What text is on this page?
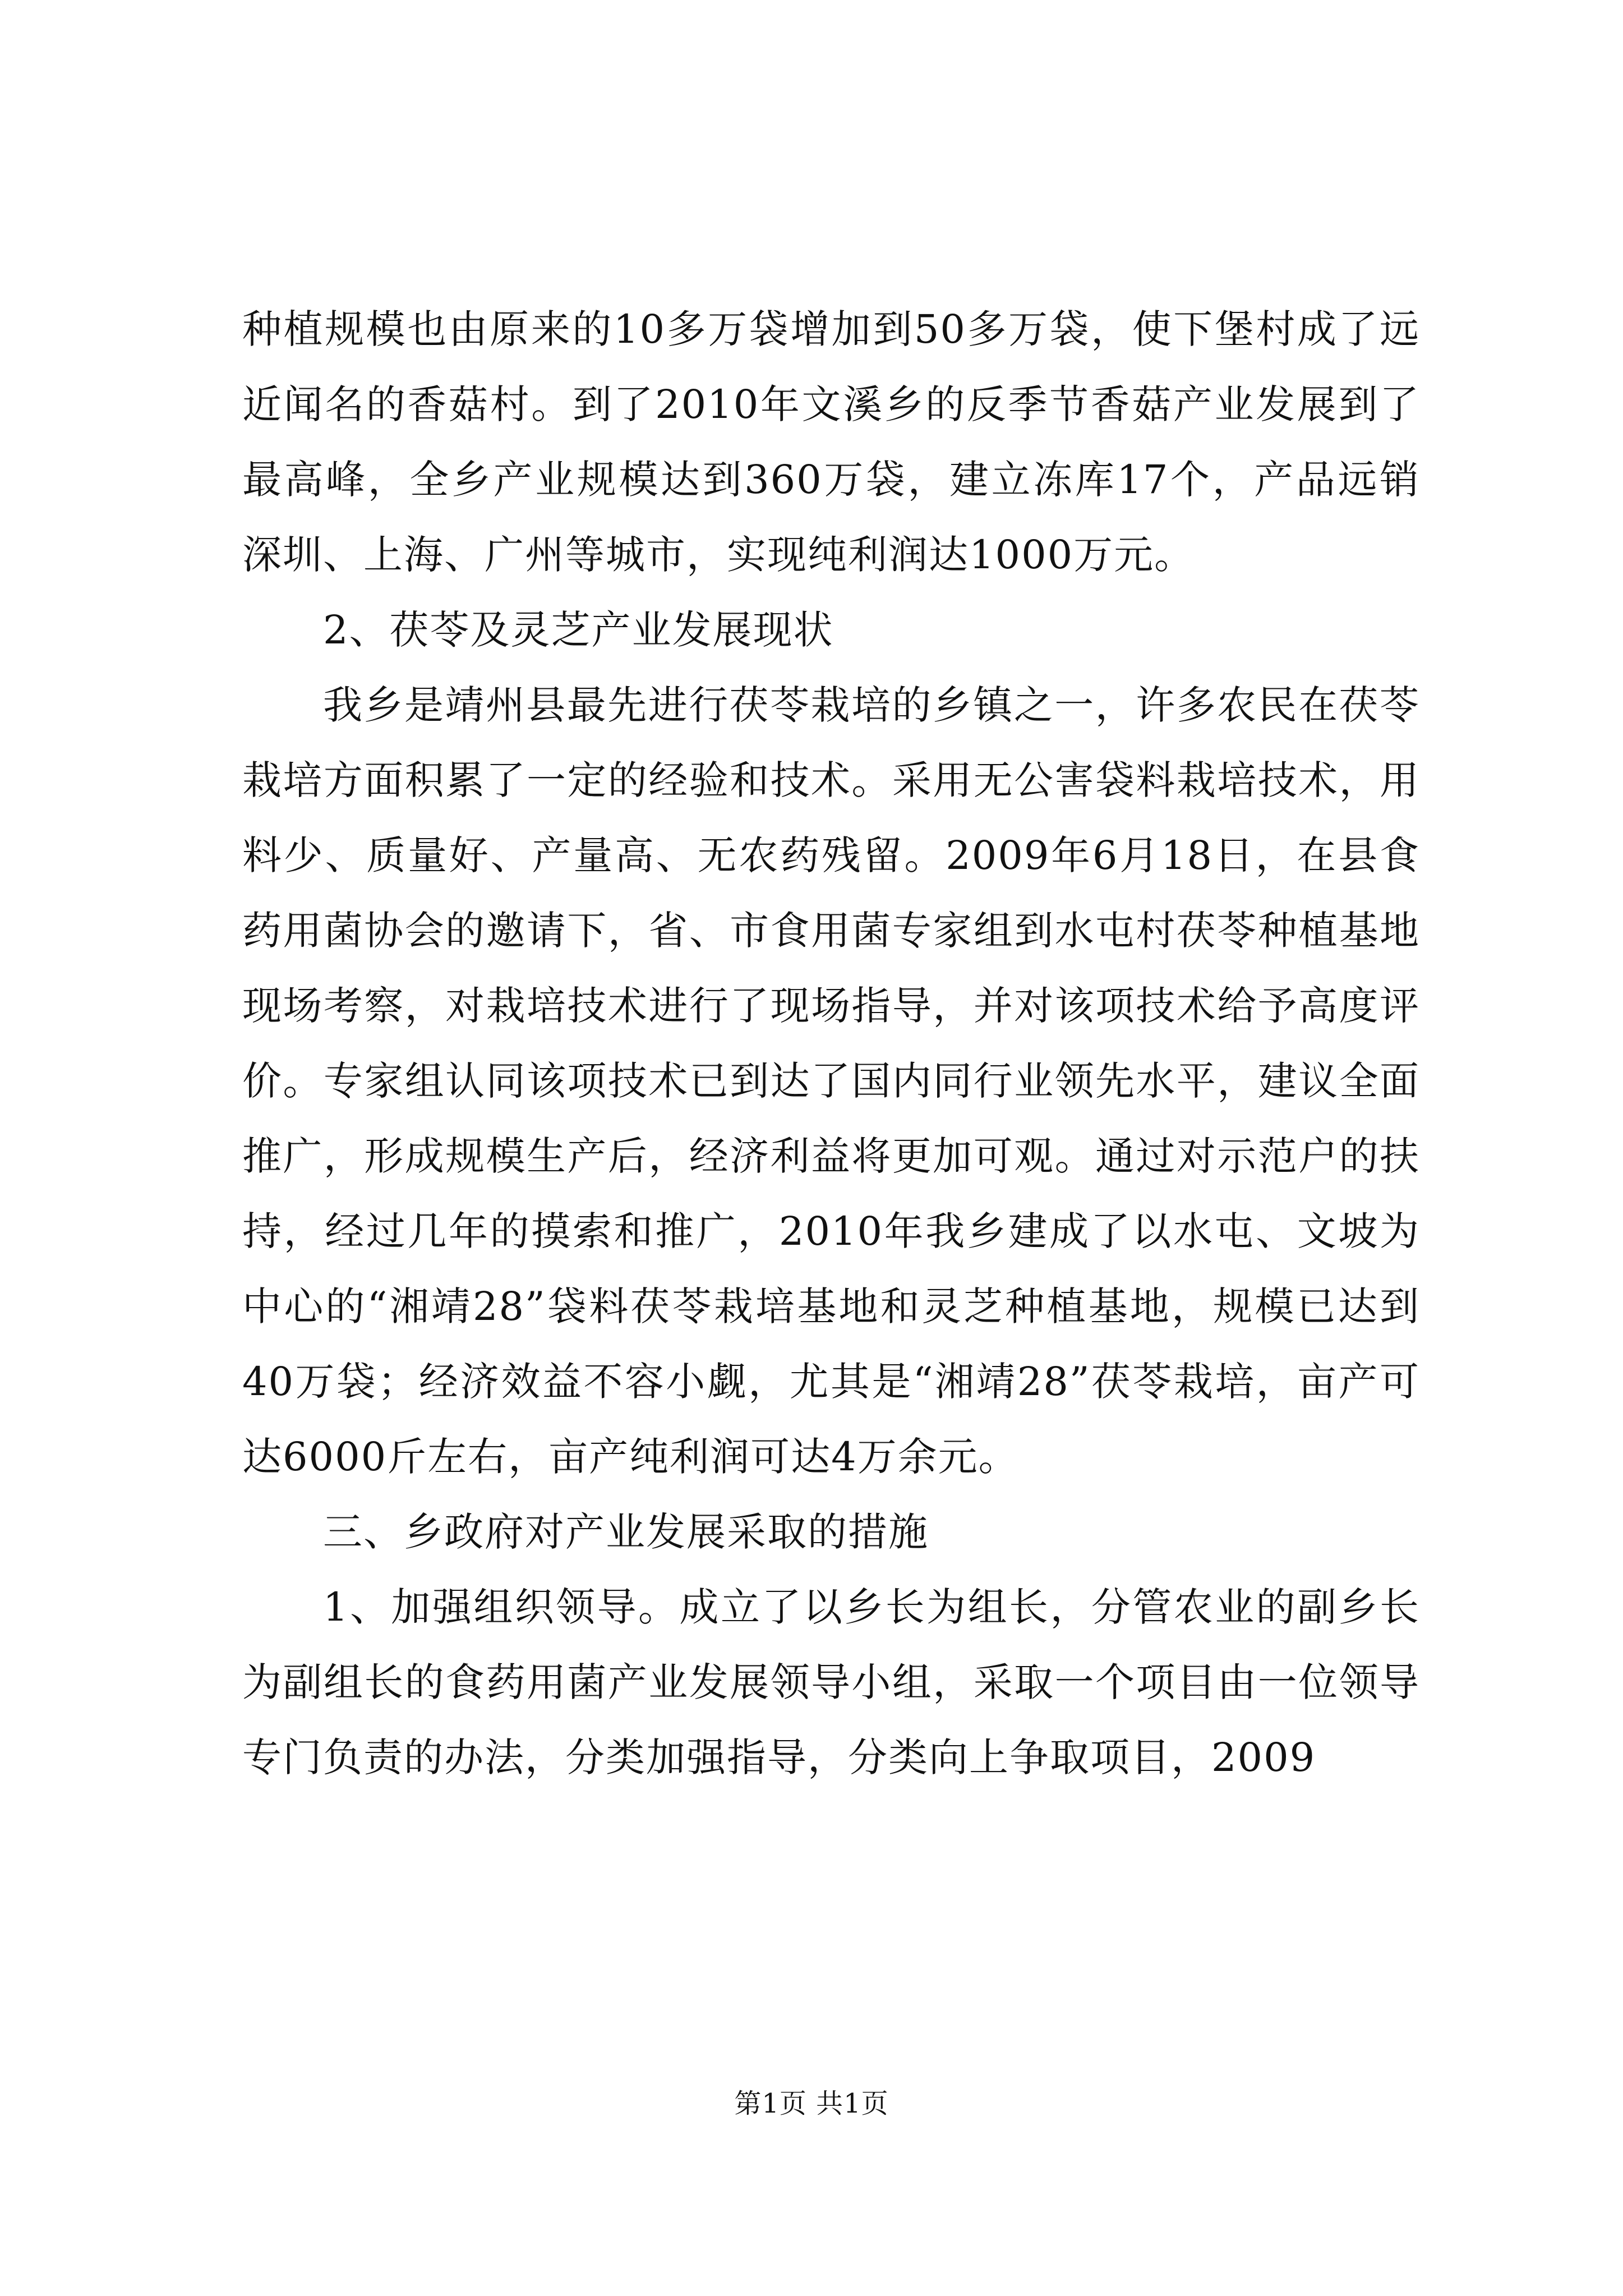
种植规模也由原来的10多万袋增加到50多万袋，使下堡村成了远近闻名的香菇村。到了2010年文溪乡的反季节香菇产业发展到了最高峰，全乡产业规模达到360万袋，建立冻库17个，产品远销深圳、上海、广州等城市，实现纯利润达1000万元。

2、茯苓及灵芝产业发展现状

我乡是靖州县最先进行茯苓栽培的乡镇之一，许多农民在茯苓栽培方面积累了一定的经验和技术。采用无公害袋料栽培技术，用料少、质量好、产量高、无农药残留。2009年6月18日，在县食药用菌协会的邀请下，省、市食用菌专家组到水屯村茯苓种植基地现场考察，对栽培技术进行了现场指导，并对该项技术给予高度评价。专家组认同该项技术已到达了国内同行业领先水平，建议全面推广，形成规模生产后，经济利益将更加可观。通过对示范户的扶持，经过几年的摸索和推广，2010年我乡建成了以水屯、文坡为中心的“湘靖28”袋料茯苓栽培基地和灵芝种植基地，规模已达到40万袋；经济效益不容小觑，尤其是“湘靖28”茯苓栽培，亩产可达6000斤左右，亩产纯利润可达4万余元。

三、乡政府对产业发展采取的措施

1、加强组织领导。成立了以乡长为组长，分管农业的副乡长为副组长的食药用菌产业发展领导小组，采取一个项目由一位领导专门负责的办法，分类加强指导，分类向上争取项目，2009

第1页 共1页
